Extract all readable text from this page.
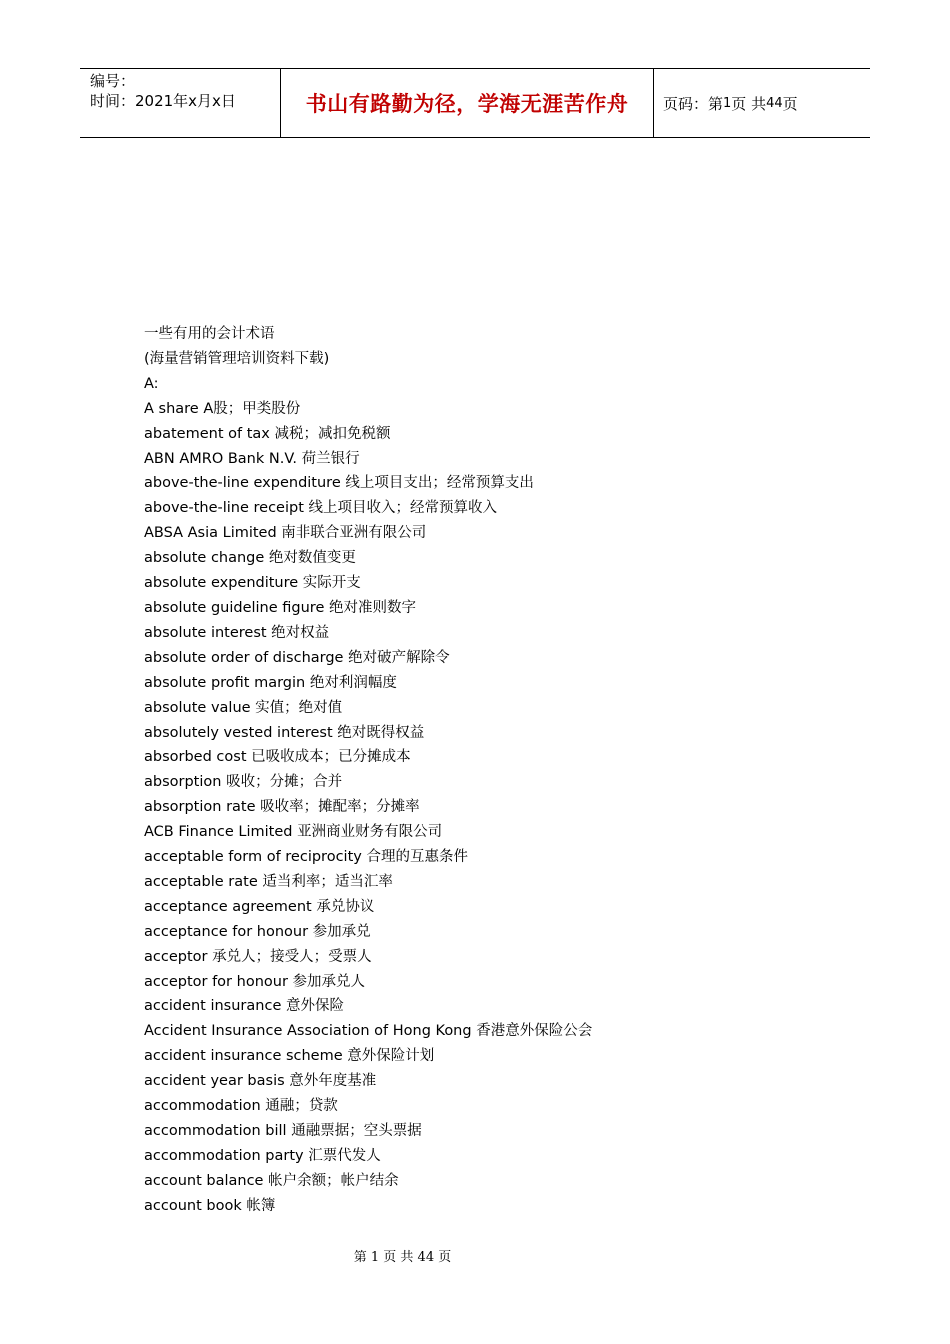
编号：
时间：2021年x月x日	书山有路勤为径，学海无涯苦作舟	页码：第 1 页 共 44 页
一些有用的会计术语
(海量营销管理培训资料下载)
A:
A share A股；甲类股份
abatement of tax 减税；减扣免税额
ABN AMRO Bank N.V. 荷兰银行
above-the-line expenditure 线上项目支出；经常预算支出
above-the-line receipt 线上项目收入；经常预算收入
ABSA Asia Limited 南非联合亚洲有限公司
absolute change 绝对数值变更
absolute expenditure 实际开支
absolute guideline figure 绝对准则数字
absolute interest 绝对权益
absolute order of discharge 绝对破产解除令
absolute profit margin 绝对利润幅度
absolute value 实值；绝对值
absolutely vested interest 绝对既得权益
absorbed cost 已吸收成本；已分摊成本
absorption 吸收；分摊；合并
absorption rate 吸收率；摊配率；分摊率
ACB Finance Limited 亚洲商业财务有限公司
acceptable form of reciprocity 合理的互惠条件
acceptable rate 适当利率；适当汇率
acceptance agreement 承兑协议
acceptance for honour 参加承兑
acceptor 承兑人；接受人；受票人
acceptor for honour 参加承兑人
accident insurance 意外保险
Accident Insurance Association of Hong Kong 香港意外保险公会
accident insurance scheme 意外保险计划
accident year basis 意外年度基准
accommodation 通融；贷款
accommodation bill 通融票据；空头票据
accommodation party 汇票代发人
account balance 帐户余额；帐户结余
account book 帐簿
第 1 页 共 44 页
